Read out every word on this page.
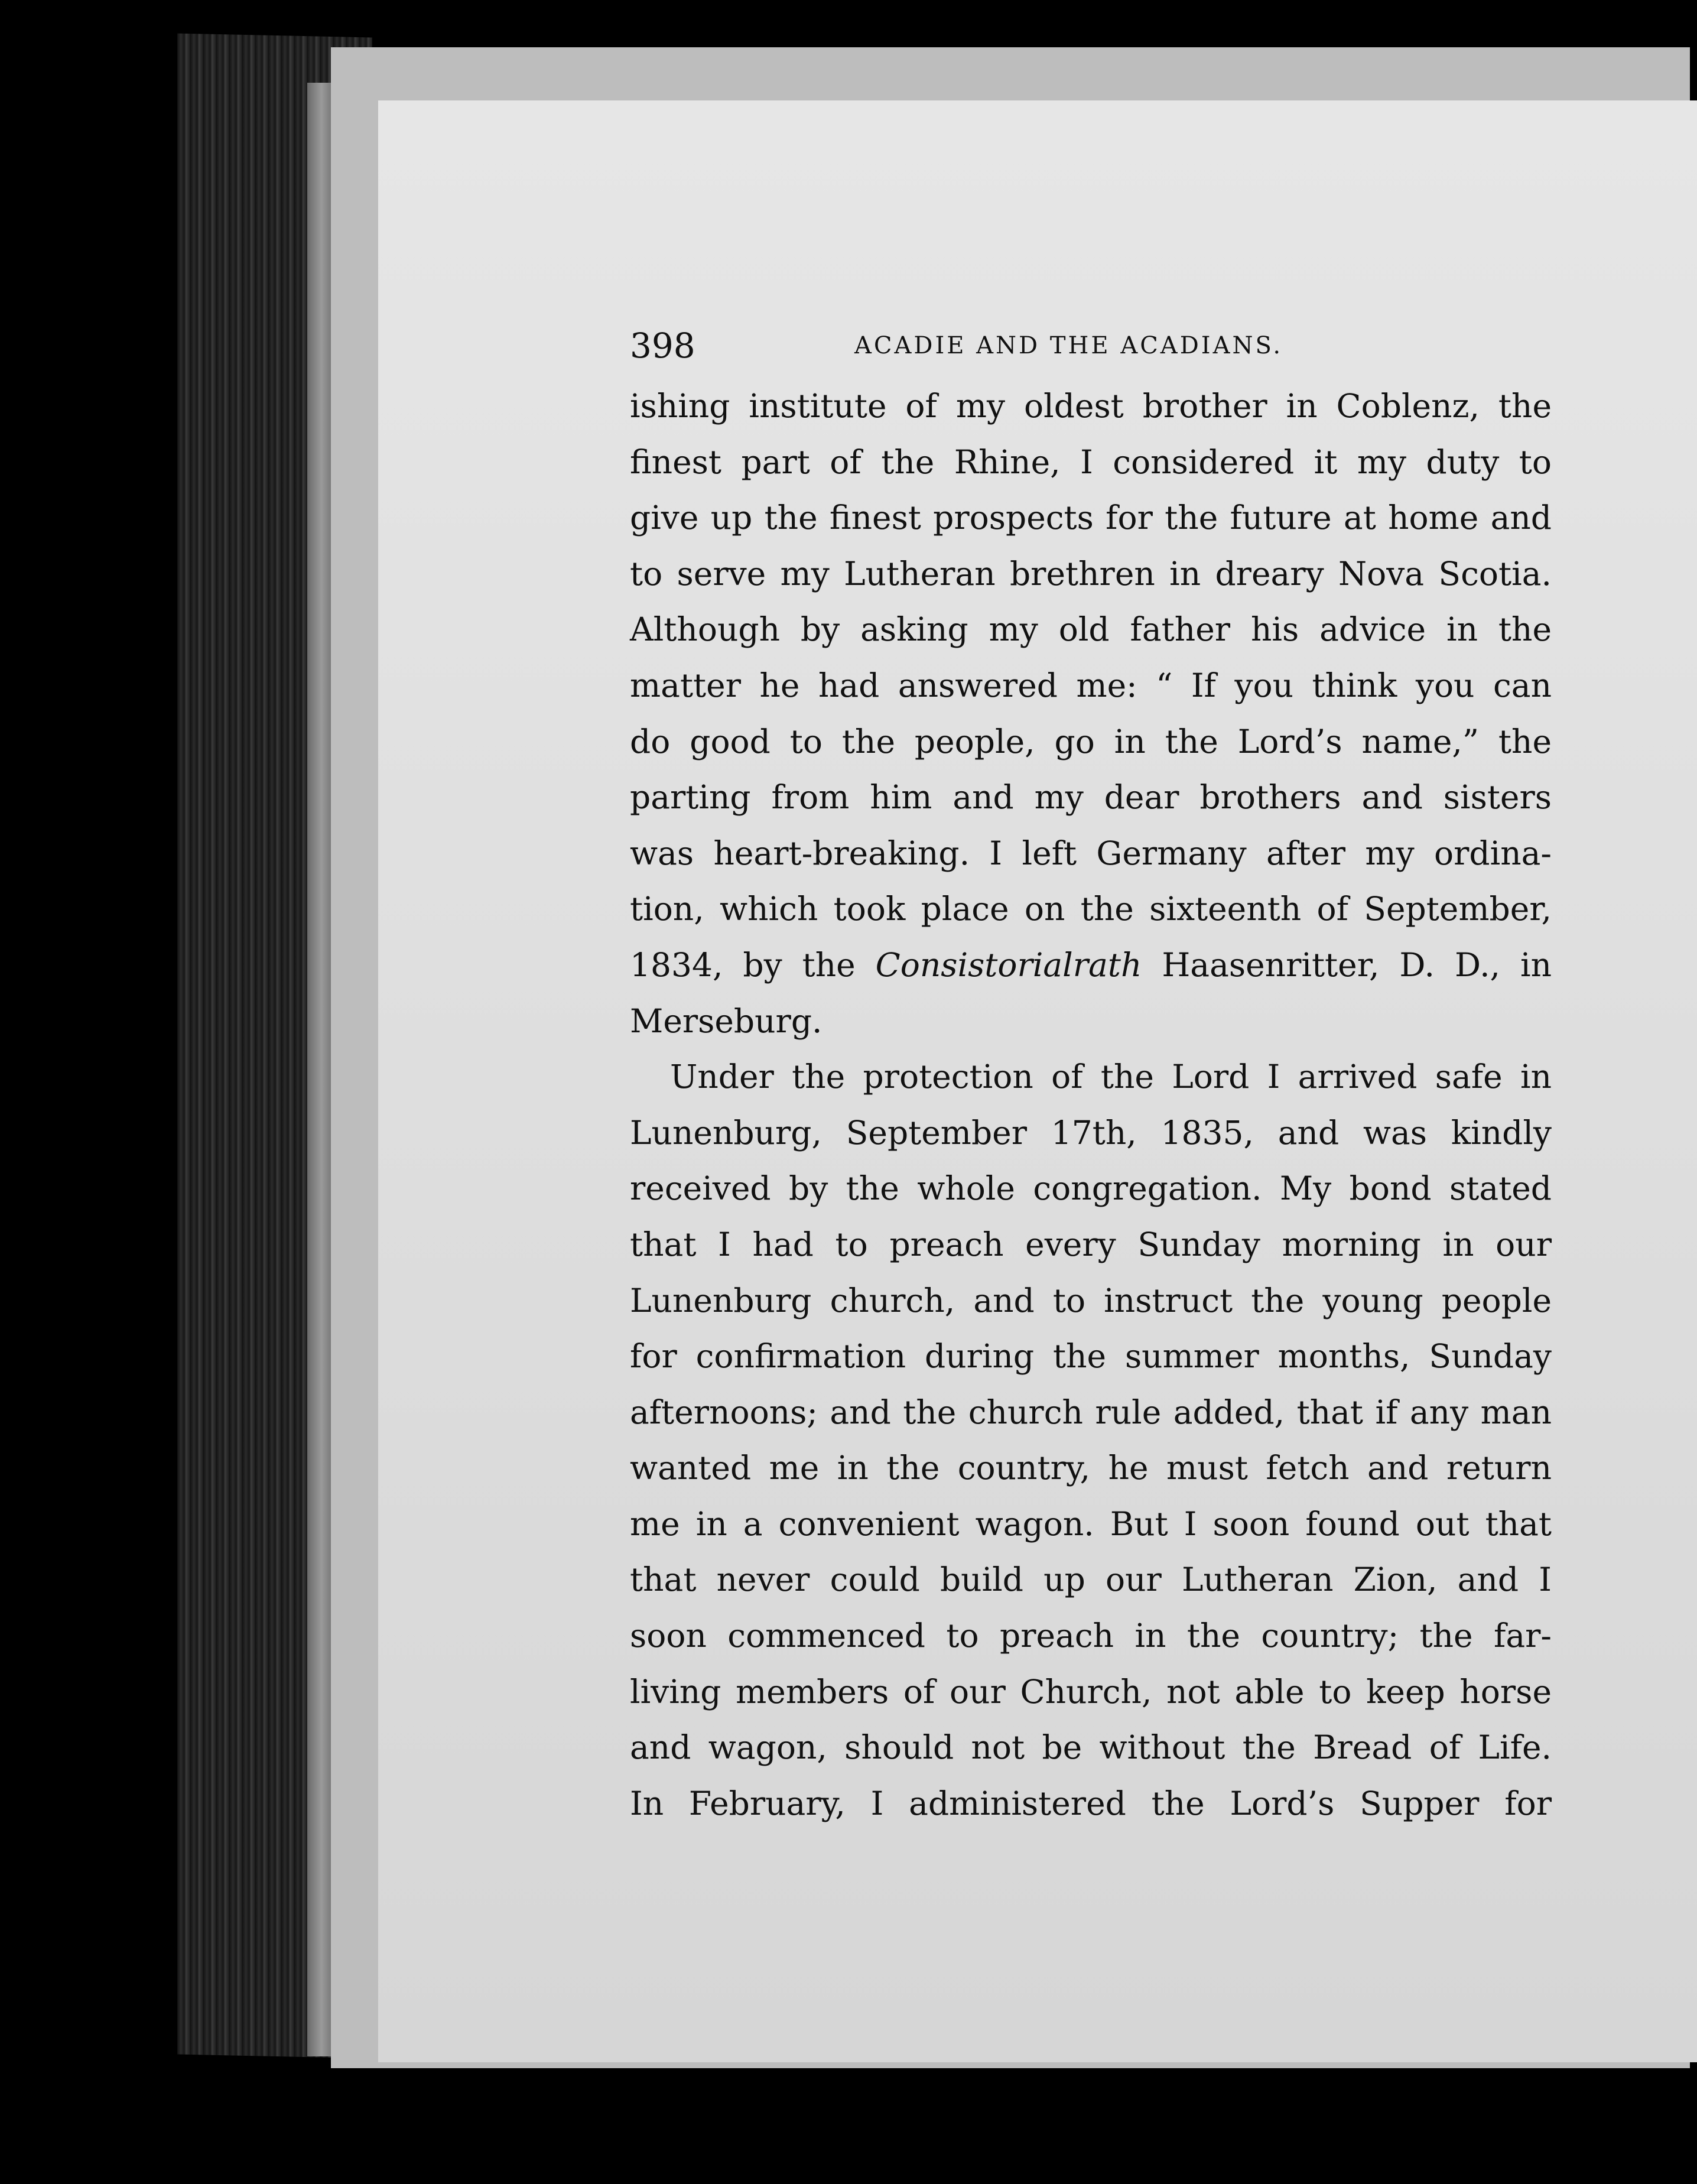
398	ACADIE AND THE ACADIANS.
ishing institute of my oldest brother in Coblenz, the
finest part of the Rhine, I considered it my duty to
give up the finest prospects for the future at home and
to serve my Lutheran brethren in dreary Nova Scotia.
Although by asking my old father his advice in the
matter he had answered me: “ If you think you can
do good to the people, go in the Lord’s name,” the
parting from him and my dear brothers and sisters
was heart-breaking. I left Germany after my ordina-
tion, which took place on the sixteenth of September,
1834, by the Consistorialrath Haasenritter, D. D., in
Merseburg.
Under the protection of the Lord I arrived safe in
Lunenburg, September 17th, 1835, and was kindly
received by the whole congregation. My bond stated
that I had to preach every Sunday morning in our
Lunenburg church, and to instruct the young people
for confirmation during the summer months, Sunday
afternoons; and the church rule added, that if any man
wanted me in the country, he must fetch and return
me in a convenient wagon. But I soon found out that
that never could build up our Lutheran Zion, and I
soon commenced to preach in the country; the far-
living members of our Church, not able to keep horse
and wagon, should not be without the Bread of Life.
In February, I administered the Lord’s Supper for
